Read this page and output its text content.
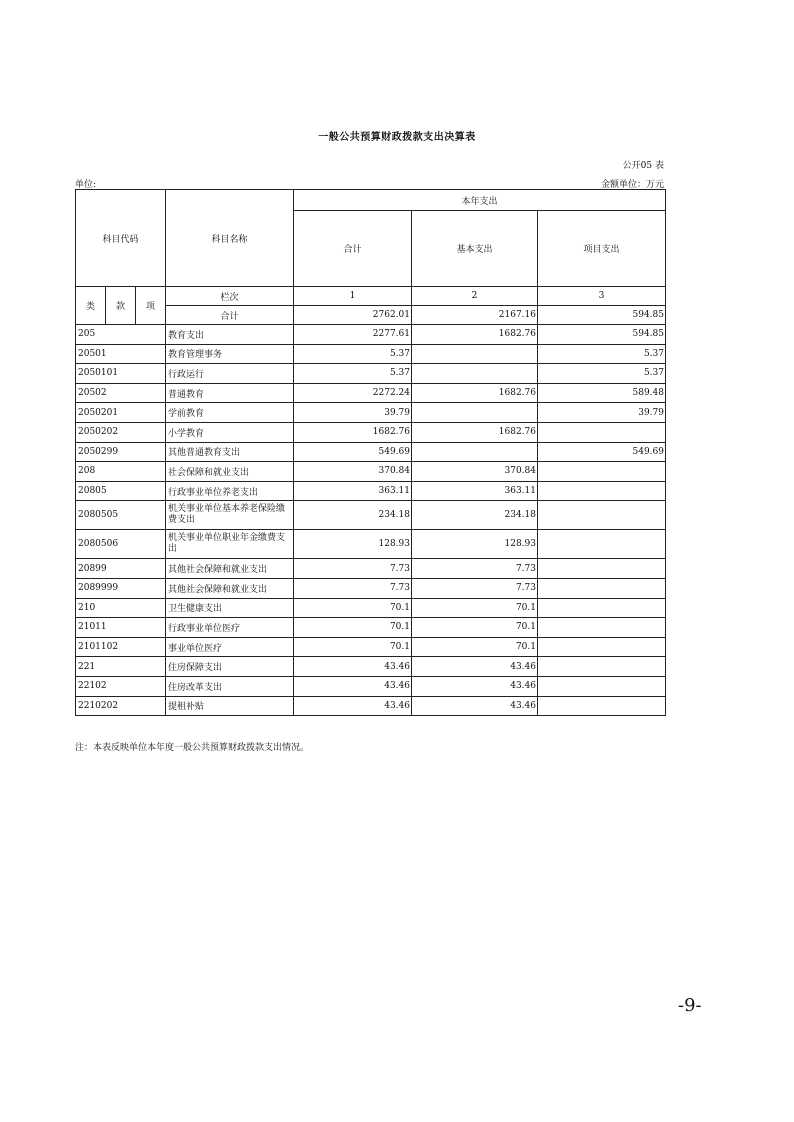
一般公共预算财政拨款支出决算表
公开05 表
单位:	金额单位：万元
科目代码			科目名称	本年支出		
				合计	基本支出	项目支出
类	款	项	栏次	1	2	3
			合计	2762.01	2167.16	594.85
205			教育支出	2277.61	1682.76	594.85
20501			教育管理事务	5.37		5.37
2050101			行政运行	5.37		5.37
20502			普通教育	2272.24	1682.76	589.48
2050201			学前教育	39.79		39.79
2050202			小学教育	1682.76	1682.76	
2050299			其他普通教育支出	549.69		549.69
208			社会保障和就业支出	370.84	370.84	
20805			行政事业单位养老支出	363.11	363.11	
2080505			机关事业单位基本养老保险缴费支出	234.18	234.18	
2080506			机关事业单位职业年金缴费支出	128.93	128.93	
20899			其他社会保障和就业支出	7.73	7.73	
2089999			其他社会保障和就业支出	7.73	7.73	
210			卫生健康支出	70.1	70.1	
21011			行政事业单位医疗	70.1	70.1	
2101102			事业单位医疗	70.1	70.1	
221			住房保障支出	43.46	43.46	
22102			住房改革支出	43.46	43.46	
2210202			提租补贴	43.46	43.46	
注：本表反映单位本年度一般公共预算财政拨款支出情况。
-9-
